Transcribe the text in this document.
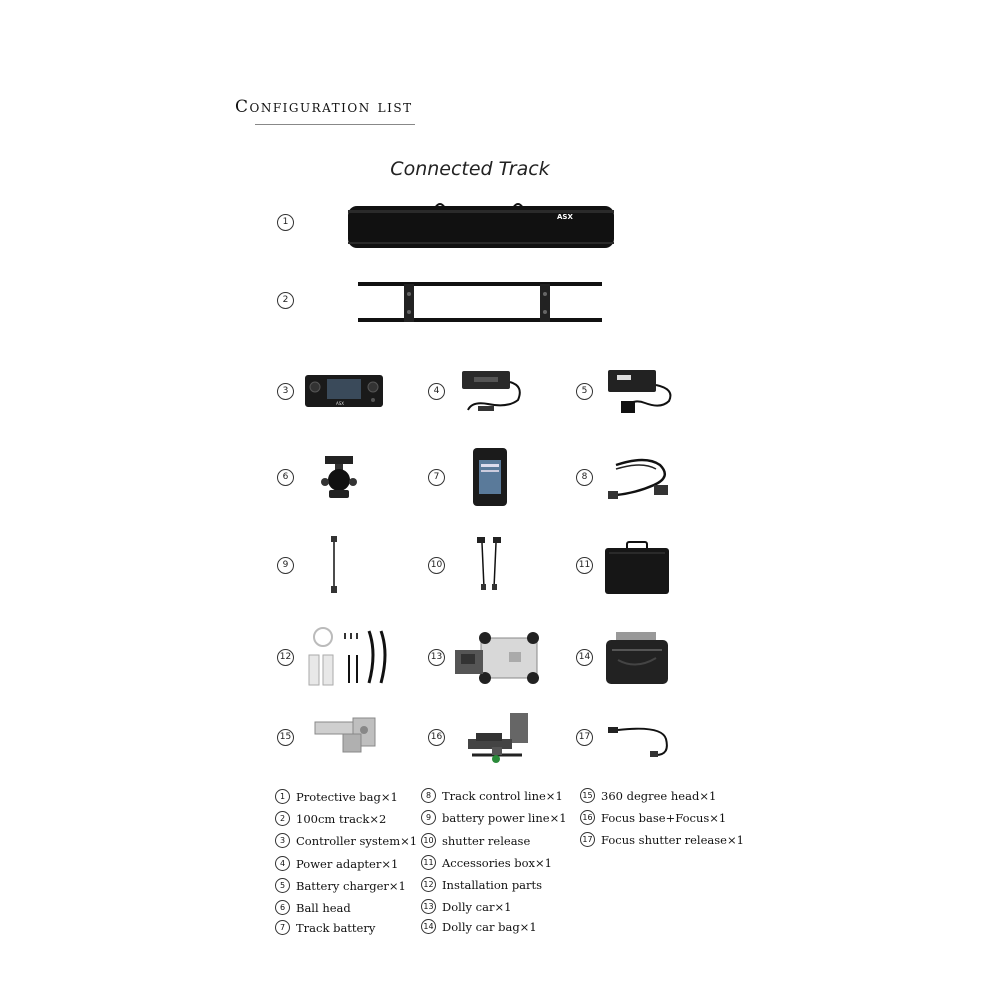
Configuration list
Connected Track
1
2
3	4	5
6	7	8
9	10	11
12	13	14
15	16	17
ASX
ASX
1 Protective bag×1
2 100cm track×2
3 Controller system×1
4 Power adapter×1
5 Battery charger×1
6 Ball head
7 Track battery
8 Track control line×1
9 battery power line×1
10 shutter release
11 Accessories box×1
12 Installation parts
13 Dolly car×1
14 Dolly car bag×1
15 360 degree head×1
16 Focus base+Focus×1
17 Focus shutter release×1
